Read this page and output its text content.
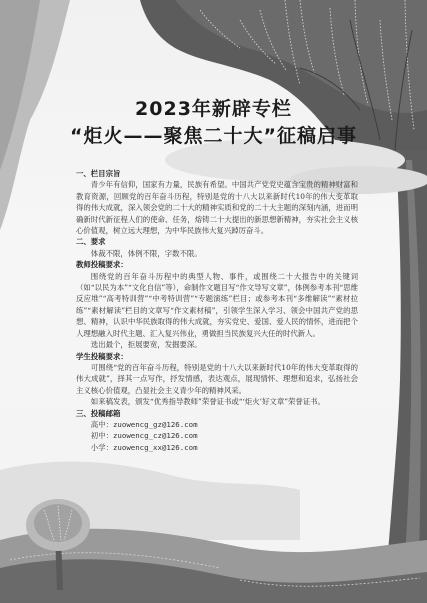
2023年新辟专栏
“炬火——聚焦二十大”征稿启事
一、栏目宗旨
青少年有信仰，国家有力量，民族有希望。中国共产党党史蕴含宝贵的精神财富和教育资源，回顾党的百年奋斗历程，特别是党的十八大以来新时代10年的伟大变革取得的伟大成就，深入领会党的二十大的精神实质和党的二十大主题的深刻内涵，进而明确新时代新征程人们的使命、任务，熔铸二十大提出的新思想新精神，夯实社会主义核心价值观，树立远大理想，为中华民族伟大复兴踔厉奋斗。
二、要求
体裁不限，体例不限，字数不限。
教师投稿要求：
围绕党的百年奋斗历程中的典型人物、事件，或围绕二十大报告中的关键词（如“以民为本”“文化自信”等），命制作文题目写“作文导写文章”，体例参考本刊“思维反应堆”“高考特训营”“中考特训营”“专题演练”栏目；或参考本刊“多维解读”“素材拉练”“素材解读”栏目的文章写“作文素材稿”，引领学生深入学习、领会中国共产党的思想、精神，认识中华民族取得的伟大成就，夯实党史、爱国、爱人民的情怀，进而把个人理想融入时代主题、汇入复兴伟业，勇做担当民族复兴大任的时代新人。
选出最个，拒展要宽，发掘要深。
学生投稿要求：
可围绕“党的百年奋斗历程，特别是党的十八大以来新时代10年的伟大变革取得的伟大成就”，择其一点写作，抒发情感，表达观点，展现情怀、理想和追求，弘扬社会主义核心价值观，凸显社会主义青少年的精神风采。
如来稿发表，颁发“优秀指导教师”荣誉证书或“‘炬火’好文章”荣誉证书。
三、投稿邮箱
高中：zuowencg_gz@126.com
初中：zuowencg_cz@126.com
小学：zuowencg_xx@126.com
